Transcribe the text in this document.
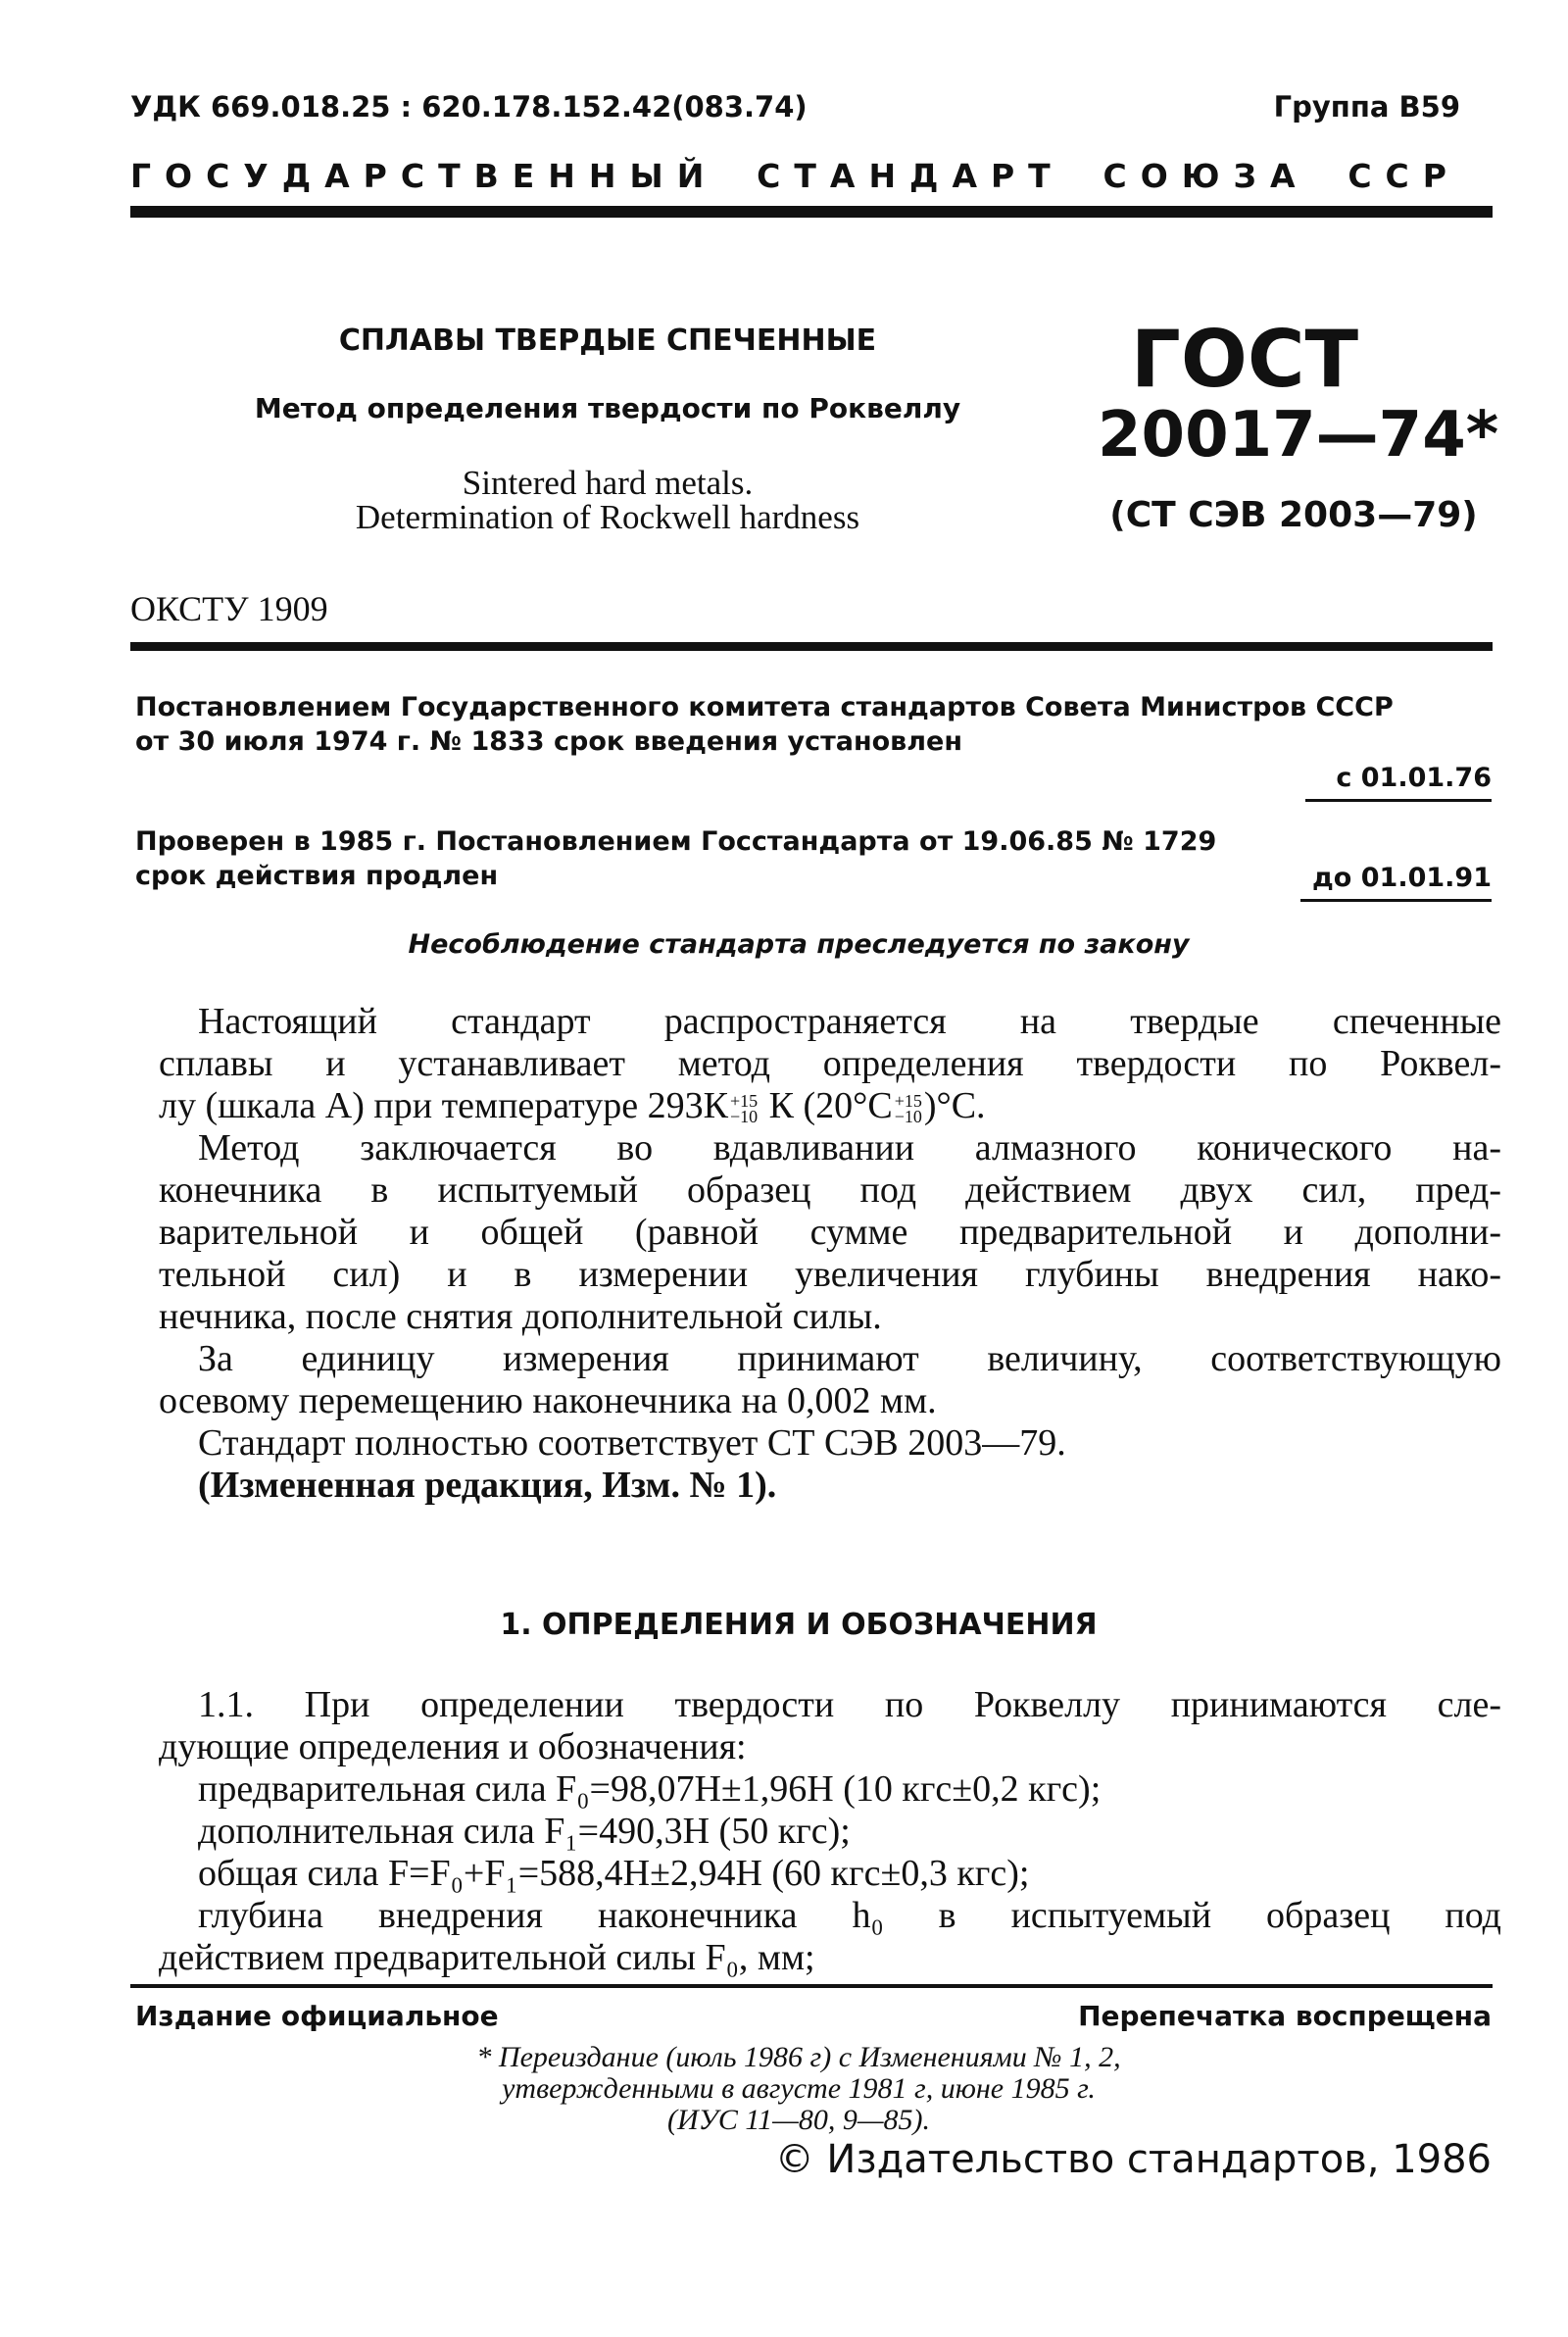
УДК 669.018.25 : 620.178.152.42(083.74)	Группа В59
ГОСУДАРСТВЕННЫЙ СТАНДАРТ СОЮЗА ССР
СПЛАВЫ ТВЕРДЫЕ СПЕЧЕННЫЕ
Метод определения твердости по Роквеллу
Sintered hard metals.
Determination of Rockwell hardness
ГОСТ
20017—74*
(СТ СЭВ 2003—79)
ОКСТУ 1909
Постановлением Государственного комитета стандартов Совета Министров СССР
от 30 июля 1974 г. № 1833 срок введения установлен
с 01.01.76
Проверен в 1985 г. Постановлением Госстандарта от 19.06.85 № 1729
срок действия продлен	до 01.01.91
Несоблюдение стандарта преследуется по закону
Настоящий стандарт распространяется на твердые спеченные
сплавы и устанавливает метод определения твердости по Роквел-
лу (шкала А) при температуре 293К +15
−10 К (20°С +15
−10 )°С.
Метод заключается во вдавливании алмазного конического на-
конечника в испытуемый образец под действием двух сил, пред-
варительной и общей (равной сумме предварительной и дополни-
тельной сил) и в измерении увеличения глубины внедрения нако-
нечника, после снятия дополнительной силы.
За единицу измерения принимают величину, соответствующую
осевому перемещению наконечника на 0,002 мм.
Стандарт полностью соответствует СТ СЭВ 2003—79.
(Измененная редакция, Изм. № 1).
1. ОПРЕДЕЛЕНИЯ И ОБОЗНАЧЕНИЯ
1.1. При определении твердости по Роквеллу принимаются сле-
дующие определения и обозначения:
предварительная сила F₀=98,07Н±1,96Н (10 кгс±0,2 кгс);
дополнительная сила F₁=490,3Н (50 кгс);
общая сила F=F₀+F₁=588,4Н±2,94Н (60 кгс±0,3 кгс);
глубина внедрения наконечника h₀ в испытуемый образец под
действием предварительной силы F₀, мм;
Издание официальное	Перепечатка воспрещена
* Переиздание (июль 1986 г) с Изменениями № 1, 2,
утвержденными в августе 1981 г, июне 1985 г.
(ИУС 11—80, 9—85).
© Издательство стандартов, 1986
